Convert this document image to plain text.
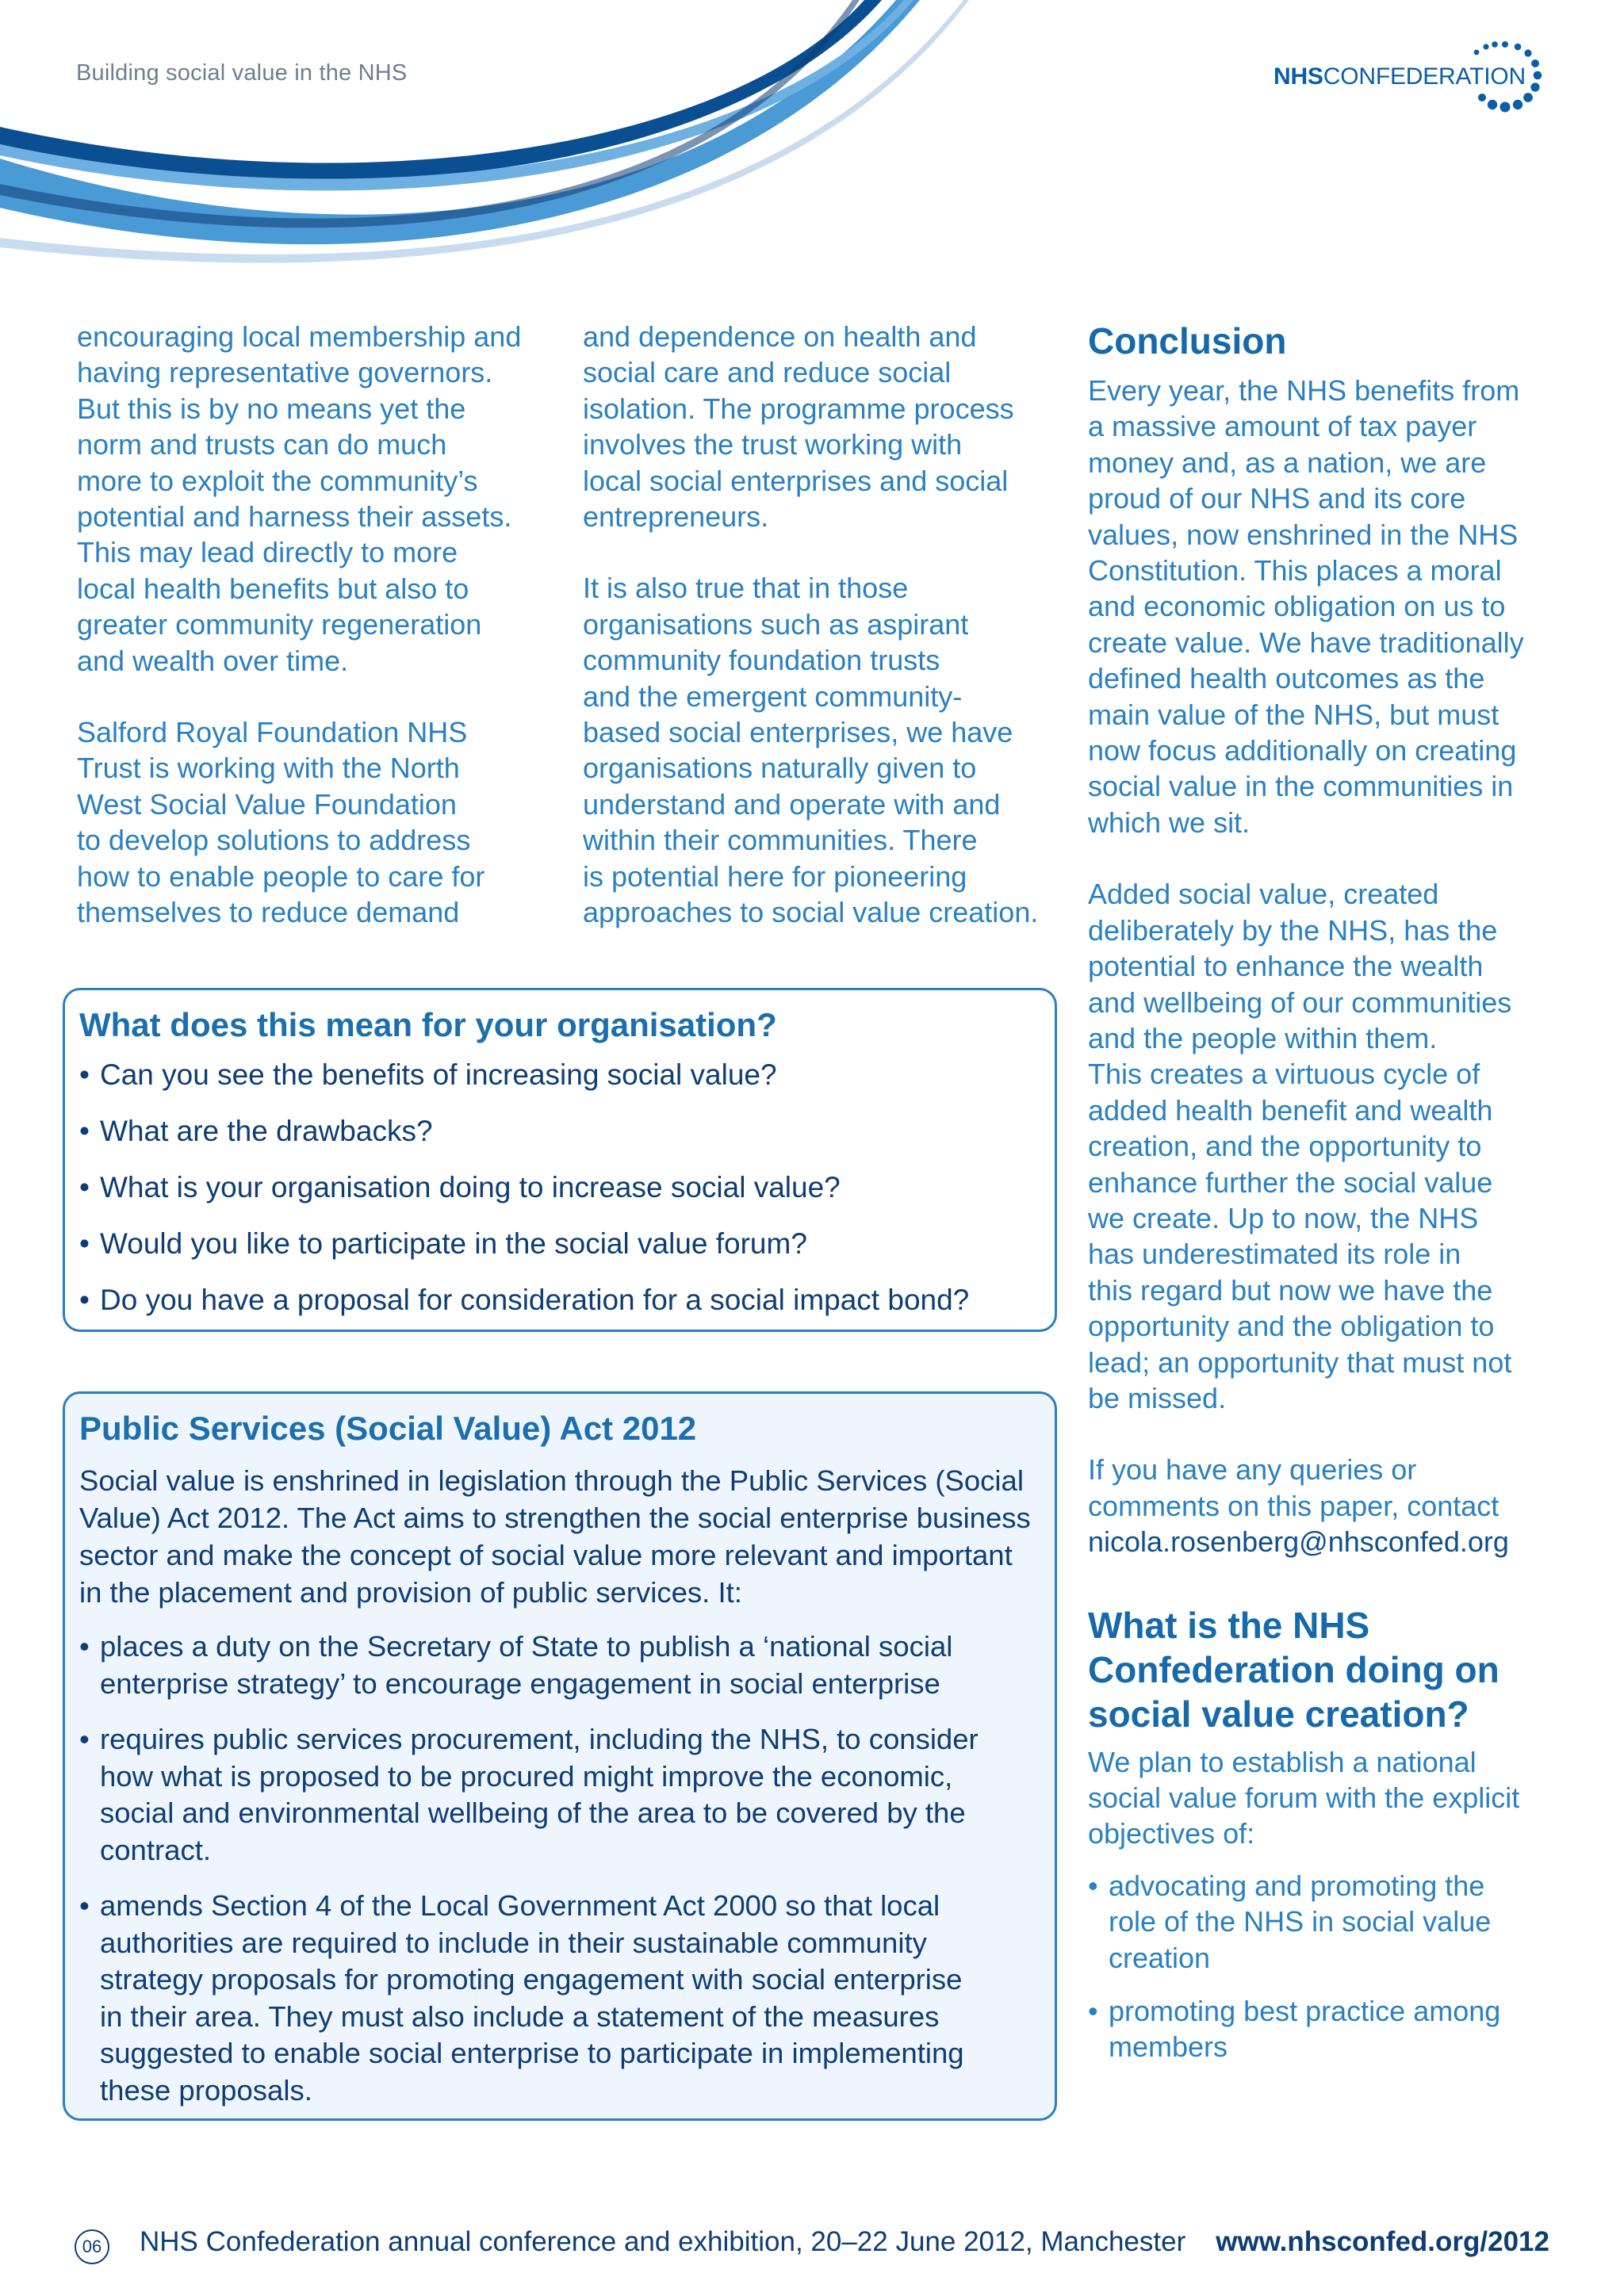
Building social value in the NHS	NHSCONFEDERATION

encouraging local membership and
having representative governors.
But this is by no means yet the
norm and trusts can do much
more to exploit the community’s
potential and harness their assets.
This may lead directly to more
local health benefits but also to
greater community regeneration
and wealth over time.

Salford Royal Foundation NHS
Trust is working with the North
West Social Value Foundation
to develop solutions to address
how to enable people to care for
themselves to reduce demand

and dependence on health and
social care and reduce social
isolation. The programme process
involves the trust working with
local social enterprises and social
entrepreneurs.

It is also true that in those
organisations such as aspirant
community foundation trusts
and the emergent community-
based social enterprises, we have
organisations naturally given to
understand and operate with and
within their communities. There
is potential here for pioneering
approaches to social value creation.

Conclusion

Every year, the NHS benefits from
a massive amount of tax payer
money and, as a nation, we are
proud of our NHS and its core
values, now enshrined in the NHS
Constitution. This places a moral
and economic obligation on us to
create value. We have traditionally
defined health outcomes as the
main value of the NHS, but must
now focus additionally on creating
social value in the communities in
which we sit.

Added social value, created
deliberately by the NHS, has the
potential to enhance the wealth
and wellbeing of our communities
and the people within them.
This creates a virtuous cycle of
added health benefit and wealth
creation, and the opportunity to
enhance further the social value
we create. Up to now, the NHS
has underestimated its role in
this regard but now we have the
opportunity and the obligation to
lead; an opportunity that must not
be missed.

If you have any queries or
comments on this paper, contact
nicola.rosenberg@nhsconfed.org

What is the NHS
Confederation doing on
social value creation?

We plan to establish a national
social value forum with the explicit
objectives of:

• advocating and promoting the
role of the NHS in social value
creation
• promoting best practice among
members
What does this mean for your organisation?
• Can you see the benefits of increasing social value?
• What are the drawbacks?
• What is your organisation doing to increase social value?
• Would you like to participate in the social value forum?
• Do you have a proposal for consideration for a social impact bond?
Public Services (Social Value) Act 2012

Social value is enshrined in legislation through the Public Services (Social
Value) Act 2012. The Act aims to strengthen the social enterprise business
sector and make the concept of social value more relevant and important
in the placement and provision of public services. It:

• places a duty on the Secretary of State to publish a ‘national social
enterprise strategy’ to encourage engagement in social enterprise
• requires public services procurement, including the NHS, to consider
how what is proposed to be procured might improve the economic,
social and environmental wellbeing of the area to be covered by the
contract.
• amends Section 4 of the Local Government Act 2000 so that local
authorities are required to include in their sustainable community
strategy proposals for promoting engagement with social enterprise
in their area. They must also include a statement of the measures
suggested to enable social enterprise to participate in implementing
these proposals.
06 NHS Confederation annual conference and exhibition, 20–22 June 2012, Manchester www.nhsconfed.org/2012
